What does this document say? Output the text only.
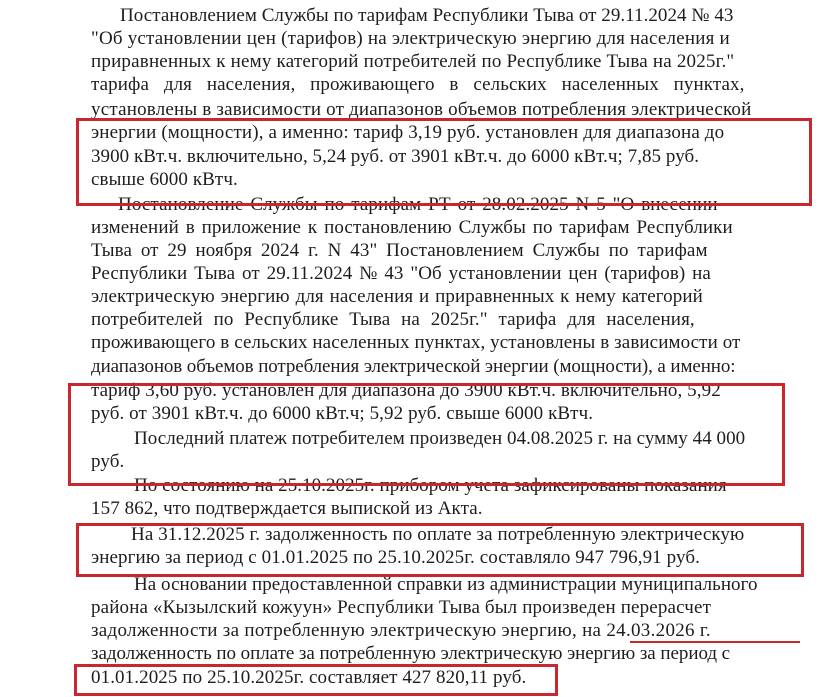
Постановлением Службы по тарифам Республики Тыва от 29.11.2024 № 43
"Об установлении цен (тарифов) на электрическую энергию для населения и
приравненных к нему категорий потребителей по Республике Тыва на 2025г."
тарифа для населения, проживающего в сельских населенных пунктах,
установлены в зависимости от диапазонов объемов потребления электрической
энергии (мощности), а именно: тариф 3,19 руб. установлен для диапазона до
3900 кВт.ч. включительно, 5,24 руб. от 3901 кВт.ч. до 6000 кВт.ч; 7,85 руб.
свыше 6000 кВтч.
Постановление Службы по тарифам РТ от 28.02.2025 N 5 "О внесении
изменений в приложение к постановлению Службы по тарифам Республики
Тыва от 29 ноября 2024 г. N 43" Постановлением Службы по тарифам
Республики Тыва от 29.11.2024 № 43 "Об установлении цен (тарифов) на
электрическую энергию для населения и приравненных к нему категорий
потребителей по Республике Тыва на 2025г." тарифа для населения,
проживающего в сельских населенных пунктах, установлены в зависимости от
диапазонов объемов потребления электрической энергии (мощности), а именно:
тариф 3,60 руб. установлен для диапазона до 3900 кВт.ч. включительно, 5,92
руб. от 3901 кВт.ч. до 6000 кВт.ч; 5,92 руб. свыше 6000 кВтч.
Последний платеж потребителем произведен 04.08.2025 г. на сумму 44 000
руб.
По состоянию на 25.10.2025г. прибором учета зафиксированы показания
157 862, что подтверждается выпиской из Акта.
На 31.12.2025 г. задолженность по оплате за потребленную электрическую
энергию за период с 01.01.2025 по 25.10.2025г. составляло 947 796,91 руб.
На основании предоставленной справки из администрации муниципального
района «Кызылский кожуун» Республики Тыва был произведен перерасчет
задолженности за потребленную электрическую энергию, на 24.03.2026 г.
задолженность по оплате за потребленную электрическую энергию за период с
01.01.2025 по 25.10.2025г. составляет 427 820,11 руб.
